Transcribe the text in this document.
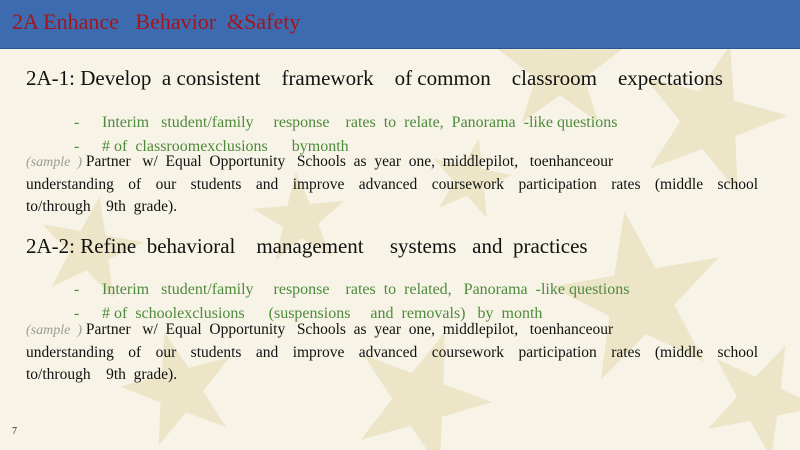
2A Enhance   Behavior  &Safety
2A-1: Develop  a consistent    framework    of common    classroom    expectations

- Interim   student/family     response    rates  to  relate,  Panorama  -like questions

- # of  classroomexclusions      bymonth

(sample  ) Partner   w/  Equal  Opportunity   Schools  as  year  one,  middlepilot,   toenhanceour
understanding of our students and improve advanced coursework participation rates (middle school
to/through    9th  grade).
2A-2: Refine  behavioral    management     systems   and  practices

- Interim   student/family     response    rates  to  related,   Panorama  -like questions

- # of  schoolexclusions      (suspensions     and  removals)   by  month

(sample  ) Partner   w/  Equal  Opportunity   Schools  as  year  one,  middlepilot,   toenhanceour
understanding of our students and improve advanced coursework participation rates (middle school
to/through    9th  grade).
7
